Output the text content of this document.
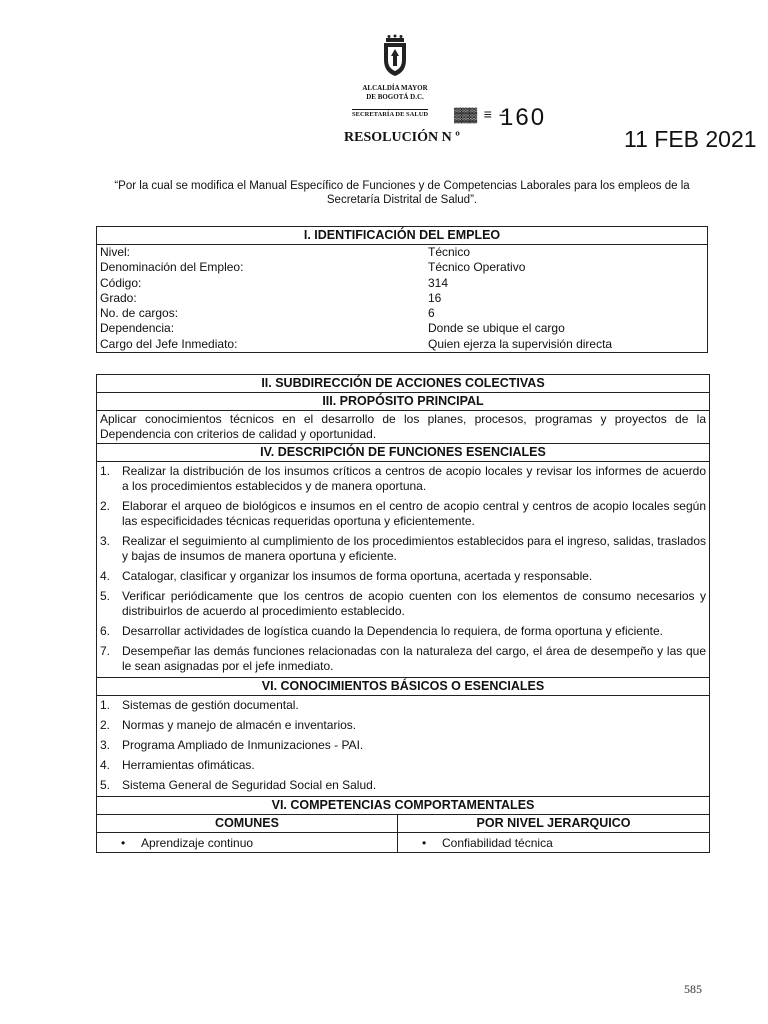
ALCALDÍA MAYOR
DE BOGOTÁ D.C.
SECRETARÍA DE SALUD ▓▓▓ ≡ –
160
RESOLUCIÓN N º	11 FEB 2021
“Por la cual se modifica el Manual Específico de Funciones y de Competencias Laborales para los empleos de la Secretaría Distrital de Salud”.
I. IDENTIFICACIÓN DEL EMPLEO	
Nivel:	Técnico
Denominación del Empleo:	Técnico Operativo
Código:	314
Grado:	16
No. de cargos:	6
Dependencia:	Donde se ubique el cargo
Cargo del Jefe Inmediato:	Quien ejerza la supervisión directa
II. SUBDIRECCIÓN DE ACCIONES COLECTIVAS	
III. PROPÓSITO PRINCIPAL	
Aplicar conocimientos técnicos en el desarrollo de los planes, procesos, programas y proyectos de la Dependencia con criterios de calidad y oportunidad.	
IV. DESCRIPCIÓN DE FUNCIONES ESENCIALES	
1.	Realizar la distribución de los insumos críticos a centros de acopio locales y revisar los informes de acuerdo a los procedimientos establecidos y de manera oportuna.
2.	Elaborar el arqueo de biológicos e insumos en el centro de acopio central y centros de acopio locales según las especificidades técnicas requeridas oportuna y eficientemente.
3.	Realizar el seguimiento al cumplimiento de los procedimientos establecidos para el ingreso, salidas, traslados y bajas de insumos de manera oportuna y eficiente.
4.	Catalogar, clasificar y organizar los insumos de forma oportuna, acertada y responsable.
5.	Verificar periódicamente que los centros de acopio cuenten con los elementos de consumo necesarios y distribuirlos de acuerdo al procedimiento establecido.
6.	Desarrollar actividades de logística cuando la Dependencia lo requiera, de forma oportuna y eficiente.
7.	Desempeñar las demás funciones relacionadas con la naturaleza del cargo, el área de desempeño y las que le sean asignadas por el jefe inmediato.
VI. CONOCIMIENTOS BÁSICOS O ESENCIALES	
1.	Sistemas de gestión documental.
2.	Normas y manejo de almacén e inventarios.
3.	Programa Ampliado de Inmunizaciones - PAI.
4.	Herramientas ofimáticas.
5.	Sistema General de Seguridad Social en Salud.
VI. COMPETENCIAS COMPORTAMENTALES	
COMUNES	POR NIVEL JERARQUICO
• Aprendizaje continuo	• Confiabilidad técnica
585
